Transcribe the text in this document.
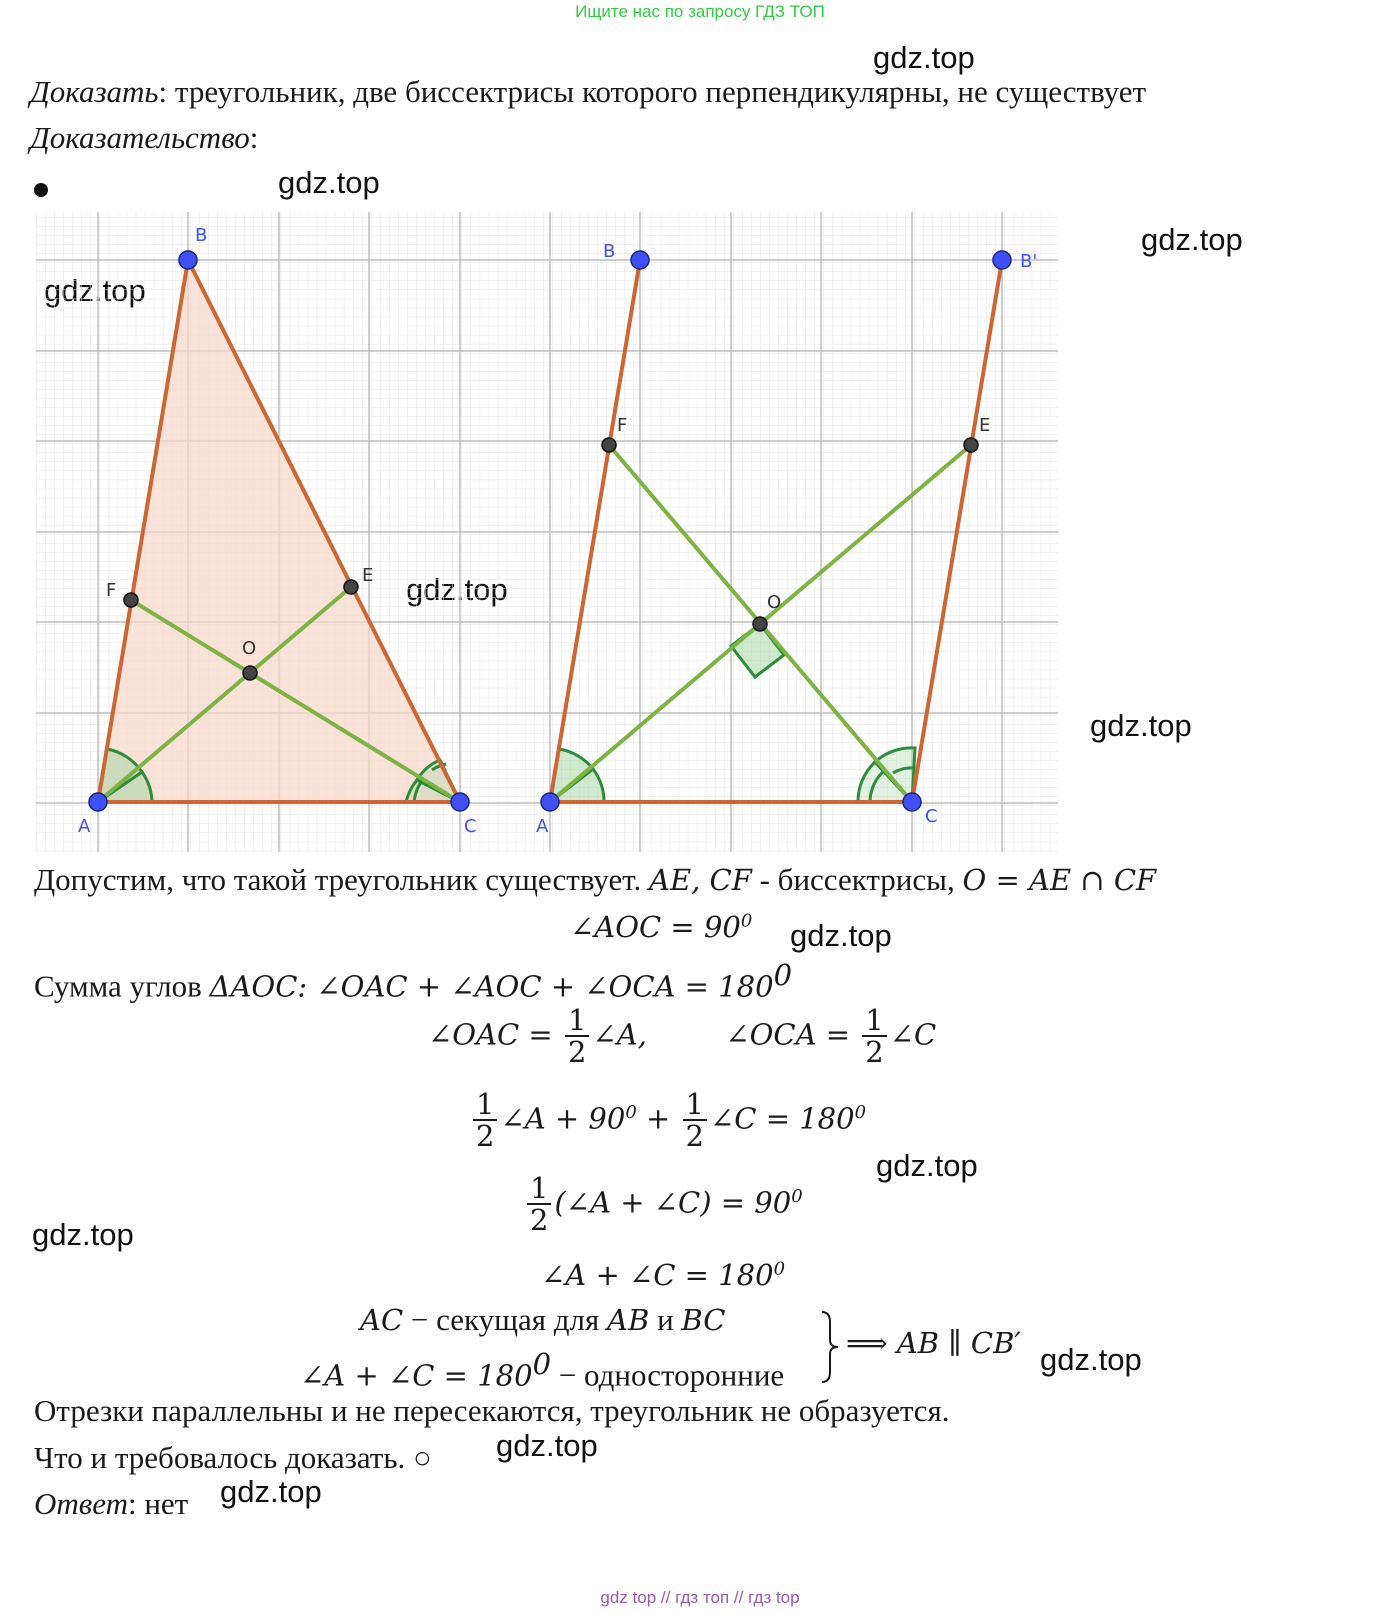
Ищите нас по запросу ГДЗ ТОП
gdz.top
gdz.top
gdz.top
gdz.top
gdz.top
gdz.top
gdz.top
gdz.top
gdz.top
gdz.top
Доказать: треугольник, две биссектрисы которого перпендикулярны, не существует
Доказательство:
A
B
C
F
E
O
A
B	B'
C
F	E
O
Допустим, что такой треугольник существует. AE, CF - биссектрисы, O = AE ∩ CF
∠AOC = $90^0$
Сумма углов ΔAOC: ∠OAC + ∠AOC + ∠OCA = $180^0$
∠OAC = $\frac{1}{2}$ ∠A,	∠OCA = $\frac{1}{2}$ ∠C
$\frac{1}{2}$ ∠A + $90^0 + \frac{1}{2}$ ∠C = $180^0$
$\frac{1}{2}$ (∠A + ∠C) = $90^0$
∠A + ∠C = $180^0$
AC − секущая для AB и BC
∠A + ∠C = $180^0$ − односторонние
⟹ AB ∥ CB′
Отрезки параллельны и не пересекаются, треугольник не образуется.
Что и требовалось доказать. ○
Ответ: нет
gdz top // гдз топ // гдз top
